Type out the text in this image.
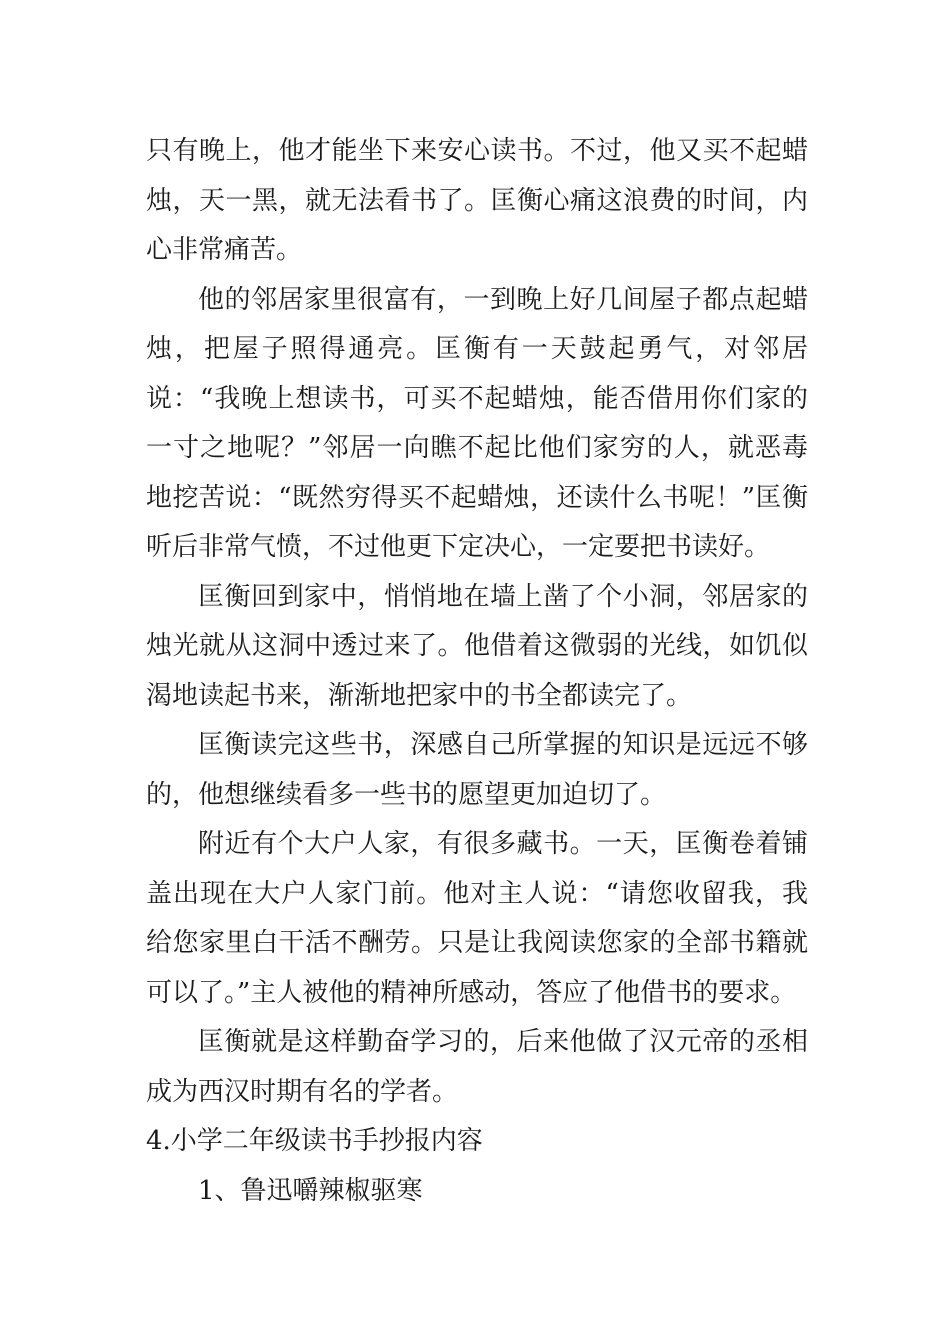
只有晚上，他才能坐下来安心读书。不过，他又买不起蜡烛，天一黑，就无法看书了。匡衡心痛这浪费的时间，内心非常痛苦。

他的邻居家里很富有，一到晚上好几间屋子都点起蜡烛，把屋子照得通亮。匡衡有一天鼓起勇气，对邻居说：“我晚上想读书，可买不起蜡烛，能否借用你们家的一寸之地呢？”邻居一向瞧不起比他们家穷的人，就恶毒地挖苦说：“既然穷得买不起蜡烛，还读什么书呢！”匡衡听后非常气愤，不过他更下定决心，一定要把书读好。

匡衡回到家中，悄悄地在墙上凿了个小洞，邻居家的烛光就从这洞中透过来了。他借着这微弱的光线，如饥似渴地读起书来，渐渐地把家中的书全都读完了。

匡衡读完这些书，深感自己所掌握的知识是远远不够的，他想继续看多一些书的愿望更加迫切了。

附近有个大户人家，有很多藏书。一天，匡衡卷着铺盖出现在大户人家门前。他对主人说：“请您收留我，我给您家里白干活不酬劳。只是让我阅读您家的全部书籍就可以了。”主人被他的精神所感动，答应了他借书的要求。

匡衡就是这样勤奋学习的，后来他做了汉元帝的丞相成为西汉时期有名的学者。

4.小学二年级读书手抄报内容

1、鲁迅嚼辣椒驱寒
